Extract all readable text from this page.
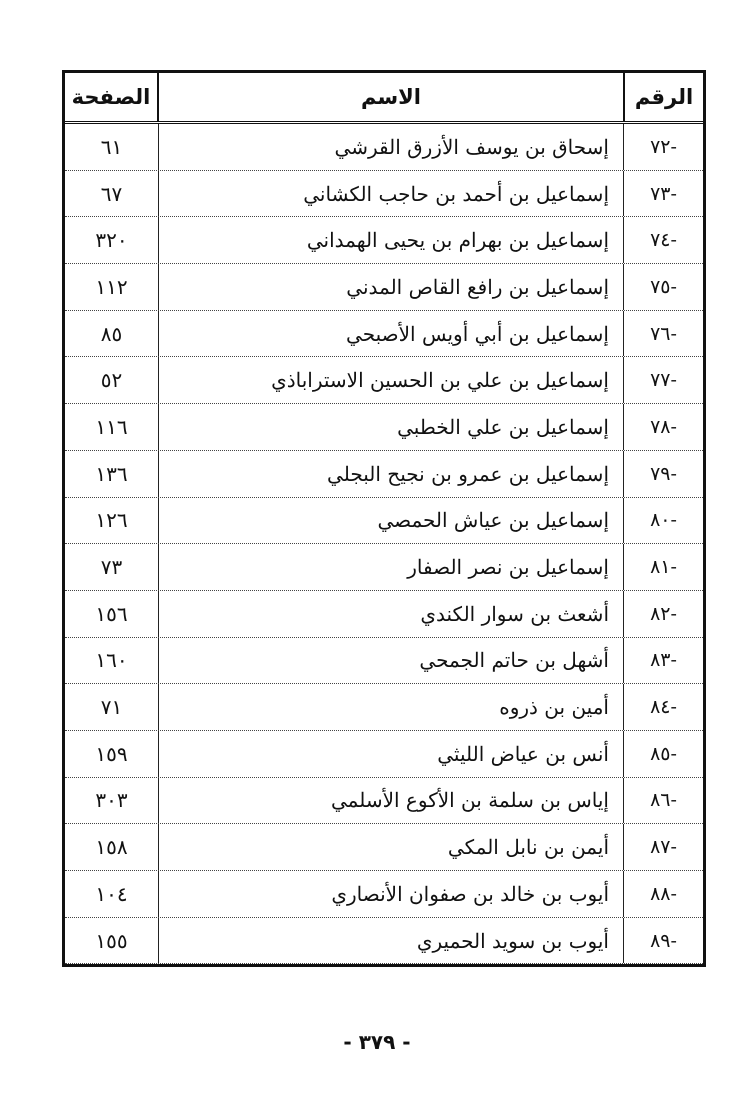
الرقم
الاسم
الصفحة
٧٢-
إسحاق بن يوسف الأزرق القرشي
٦١
٧٣-
إسماعيل بن أحمد بن حاجب الكشاني
٦٧
٧٤-
إسماعيل بن بهرام بن يحيى الهمداني
٣٢٠
٧٥-
إسماعيل بن رافع القاص المدني
١١٢
٧٦-
إسماعيل بن أبي أويس الأصبحي
٨٥
٧٧-
إسماعيل بن علي بن الحسين الاستراباذي
٥٢
٧٨-
إسماعيل بن علي الخطبي
١١٦
٧٩-
إسماعيل بن عمرو بن نجيح البجلي
١٣٦
٨٠-
إسماعيل بن عياش الحمصي
١٢٦
٨١-
إسماعيل بن نصر الصفار
٧٣
٨٢-
أشعث بن سوار الكندي
١٥٦
٨٣-
أشهل بن حاتم الجمحي
١٦٠
٨٤-
أمين بن ذروه
٧١
٨٥-
أنس بن عياض الليثي
١٥٩
٨٦-
إياس بن سلمة بن الأكوع الأسلمي
٣٠٣
٨٧-
أيمن بن نابل المكي
١٥٨
٨٨-
أيوب بن خالد بن صفوان الأنصاري
١٠٤
٨٩-
أيوب بن سويد الحميري
١٥٥
- ٣٧٩ -
